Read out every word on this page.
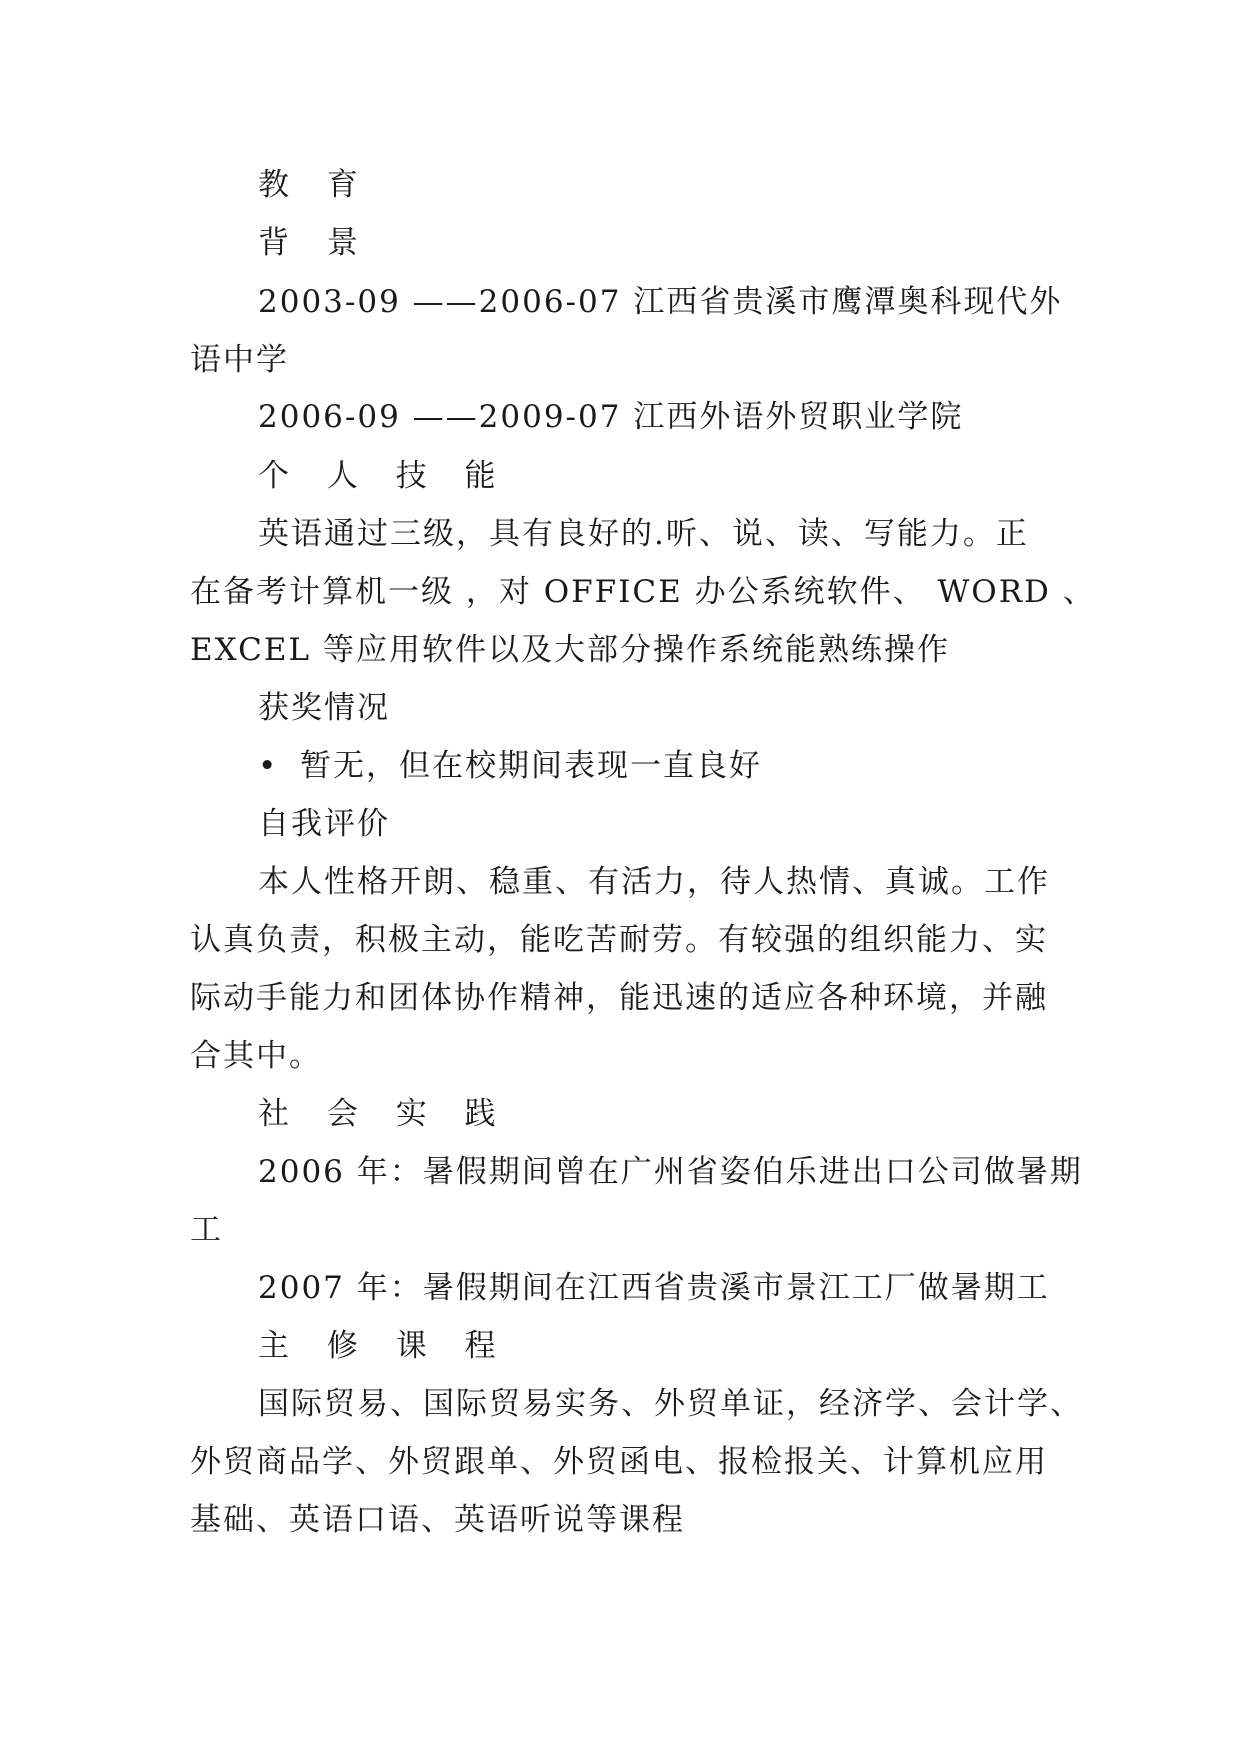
教 育
背 景
2003-09 ——2006-07 江西省贵溪市鹰潭奥科现代外
语中学
2006-09 ——2009-07 江西外语外贸职业学院
个 人 技 能
英语通过三级，具有良好的.听、说、读、写能力。正
在备考计算机一级 ，对 OFFICE 办公系统软件、 WORD 、
EXCEL 等应用软件以及大部分操作系统能熟练操作
获奖情况
• 暂无，但在校期间表现一直良好
自我评价
本人性格开朗、稳重、有活力，待人热情、真诚。工作
认真负责，积极主动，能吃苦耐劳。有较强的组织能力、实
际动手能力和团体协作精神，能迅速的适应各种环境，并融
合其中。
社 会 实 践
2006 年：暑假期间曾在广州省姿伯乐进出口公司做暑期
工
2007 年：暑假期间在江西省贵溪市景江工厂做暑期工
主 修 课 程
国际贸易、国际贸易实务、外贸单证，经济学、会计学、
外贸商品学、外贸跟单、外贸函电、报检报关、计算机应用
基础、英语口语、英语听说等课程
